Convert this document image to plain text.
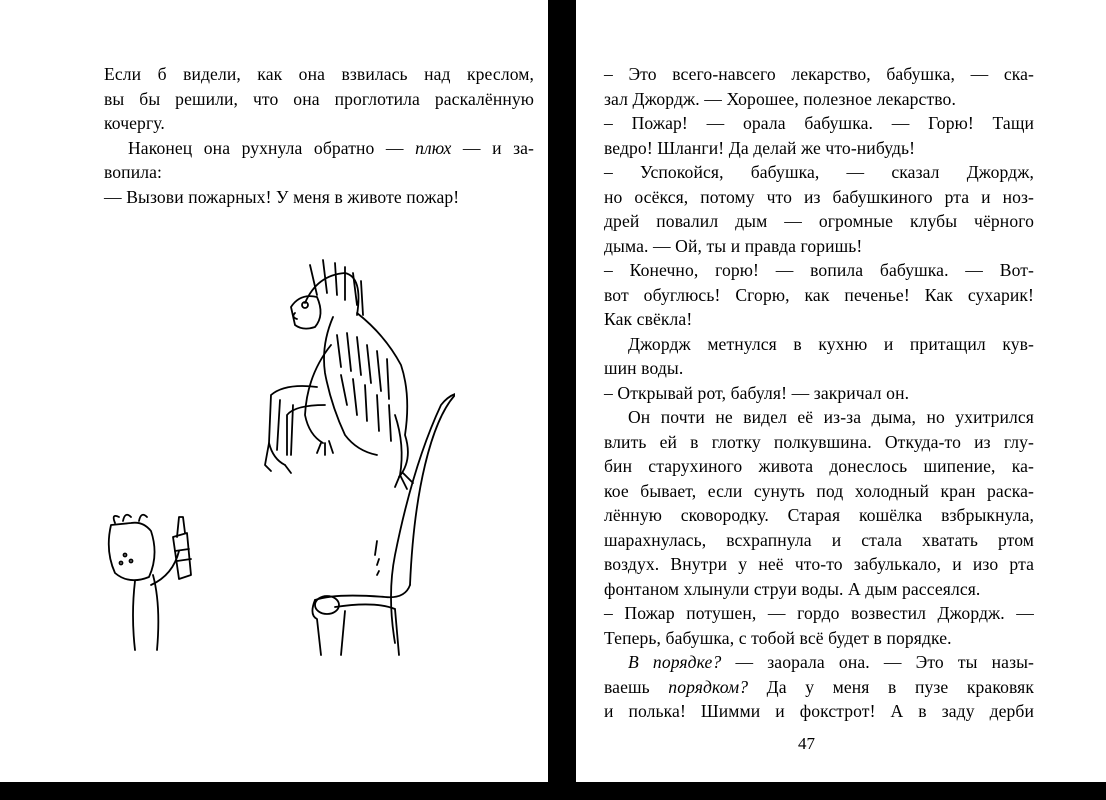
Если б видели, как она взвилась над креслом,
вы бы решили, что она проглотила раскалённую
кочергу.
Наконец она рухнула обратно — плюх — и за-
вопила:
— Вызови пожарных! У меня в животе пожар!
– Это всего-навсего лекарство, бабушка, — ска-
зал Джордж. — Хорошее, полезное лекарство.
– Пожар! — орала бабушка. — Горю! Тащи
ведро! Шланги! Да делай же что-нибудь!
– Успокойся, бабушка, — сказал Джордж,
но осёкся, потому что из бабушкиного рта и ноз-
дрей повалил дым — огромные клубы чёрного
дыма. — Ой, ты и правда горишь!
– Конечно, горю! — вопила бабушка. — Вот-
вот обуглюсь! Сгорю, как печенье! Как сухарик!
Как свёкла!
Джордж метнулся в кухню и притащил кув-
шин воды.
– Открывай рот, бабуля! — закричал он.
Он почти не видел её из-за дыма, но ухитрился
влить ей в глотку полкувшина. Откуда-то из глу-
бин старухиного живота донеслось шипение, ка-
кое бывает, если сунуть под холодный кран раска-
лённую сковородку. Старая кошёлка взбрыкнула,
шарахнулась, всхрапнула и стала хватать ртом
воздух. Внутри у неё что-то забулькало, и изо рта
фонтаном хлынули струи воды. А дым рассеялся.
– Пожар потушен, — гордо возвестил Джордж. —
Теперь, бабушка, с тобой всё будет в порядке.
В порядке? — заорала она. — Это ты назы-
ваешь порядком? Да у меня в пузе краковяк
и полька! Шимми и фокстрот! А в заду дерби
47
